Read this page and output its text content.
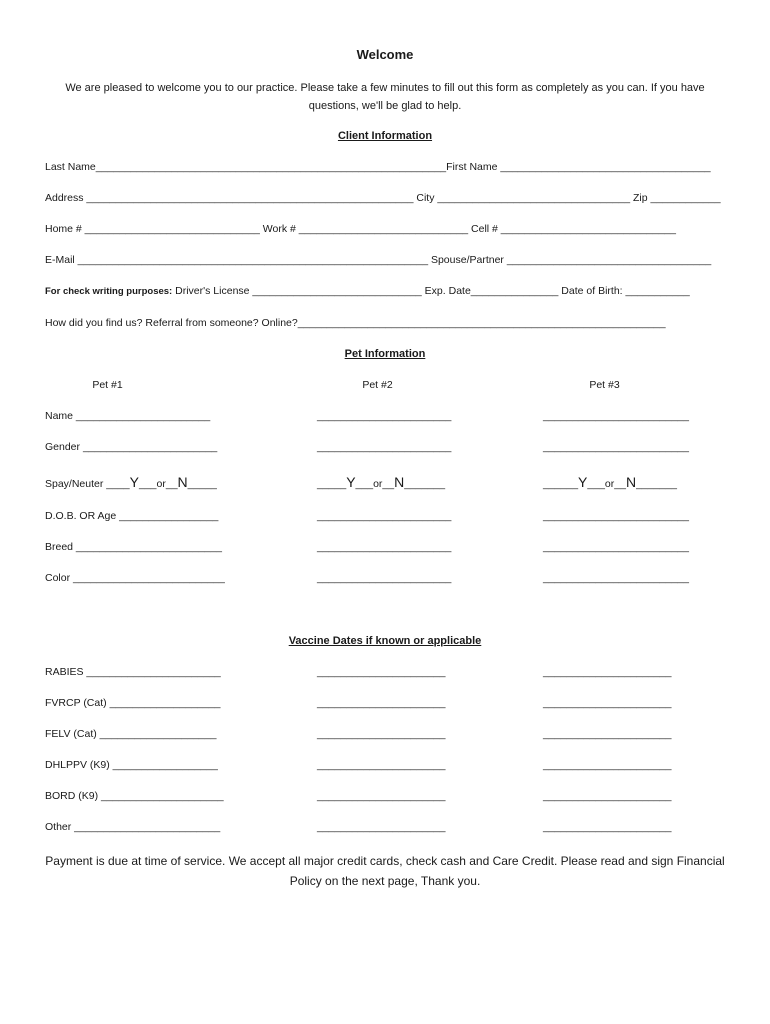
Welcome
We are pleased to welcome you to our practice. Please take a few minutes to fill out this form as completely as you can. If you have questions, we'll be glad to help.
Client Information
Last Name____________________________________________________________First Name ____________________________________
Address ________________________________________________________ City _________________________________ Zip ____________
Home # ______________________________ Work # _____________________________ Cell # ______________________________
E-Mail ____________________________________________________________ Spouse/Partner ___________________________________
For check writing purposes: Driver's License _____________________________ Exp. Date_______________ Date of Birth: ___________
How did you find us? Referral from someone? Online?_______________________________________________________________
Pet Information
Pet #1	Pet #2	Pet #3
Name _______________________	_______________________	_________________________
Gender _______________________	_______________________	_________________________
Spay/Neuter ____Y___or__N_____	_____Y___or__N_______	______Y___or__N_______
D.O.B. OR Age _________________	_______________________	_________________________
Breed _________________________	_______________________	_________________________
Color __________________________	_______________________	_________________________
Vaccine Dates if known or applicable
RABIES _______________________	______________________	______________________
FVRCP (Cat) ___________________	______________________	______________________
FELV (Cat) ____________________	______________________	______________________
DHLPPV (K9) __________________	______________________	______________________
BORD (K9) _____________________	______________________	______________________
Other _________________________	______________________	______________________
Payment is due at time of service. We accept all major credit cards, check cash and Care Credit. Please read and sign Financial Policy on the next page, Thank you.
